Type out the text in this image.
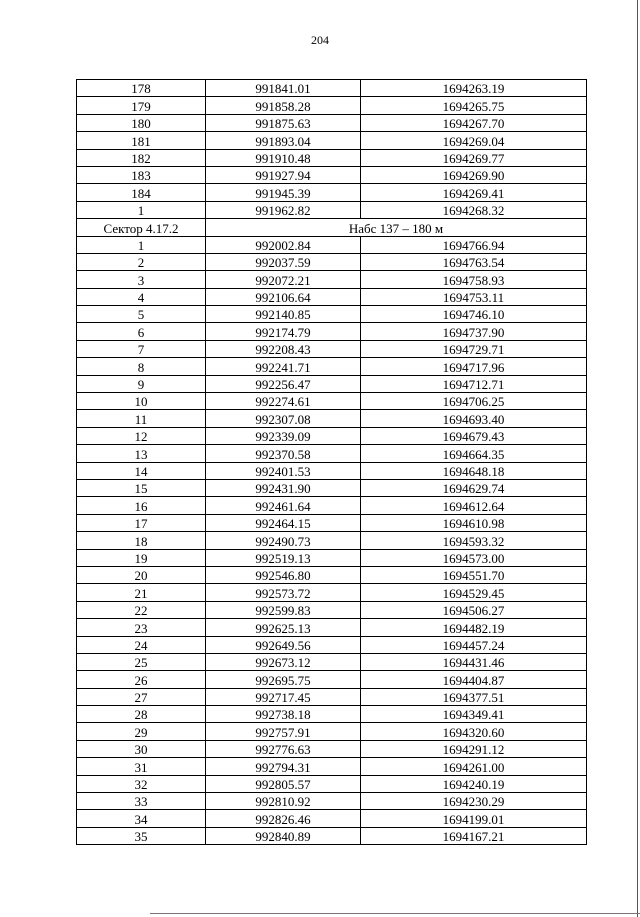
204
178	991841.01	1694263.19
179	991858.28	1694265.75
180	991875.63	1694267.70
181	991893.04	1694269.04
182	991910.48	1694269.77
183	991927.94	1694269.90
184	991945.39	1694269.41
1	991962.82	1694268.32
Сектор 4.17.2	Набс 137 – 180 м	
1	992002.84	1694766.94
2	992037.59	1694763.54
3	992072.21	1694758.93
4	992106.64	1694753.11
5	992140.85	1694746.10
6	992174.79	1694737.90
7	992208.43	1694729.71
8	992241.71	1694717.96
9	992256.47	1694712.71
10	992274.61	1694706.25
11	992307.08	1694693.40
12	992339.09	1694679.43
13	992370.58	1694664.35
14	992401.53	1694648.18
15	992431.90	1694629.74
16	992461.64	1694612.64
17	992464.15	1694610.98
18	992490.73	1694593.32
19	992519.13	1694573.00
20	992546.80	1694551.70
21	992573.72	1694529.45
22	992599.83	1694506.27
23	992625.13	1694482.19
24	992649.56	1694457.24
25	992673.12	1694431.46
26	992695.75	1694404.87
27	992717.45	1694377.51
28	992738.18	1694349.41
29	992757.91	1694320.60
30	992776.63	1694291.12
31	992794.31	1694261.00
32	992805.57	1694240.19
33	992810.92	1694230.29
34	992826.46	1694199.01
35	992840.89	1694167.21
